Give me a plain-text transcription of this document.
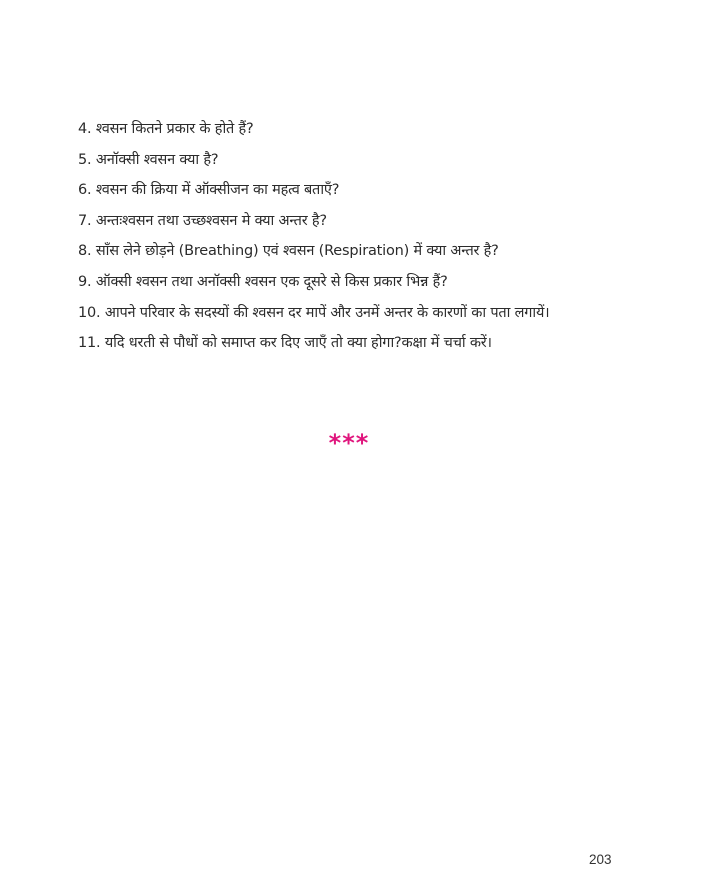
4. श्वसन कितने प्रकार के होते हैं?
5. अनॉक्सी श्वसन क्या है?
6. श्वसन की क्रिया में ऑक्सीजन का महत्व बताएँ?
7. अन्तःश्वसन तथा उच्छश्वसन मे क्या अन्तर है?
8. साँस लेने छोड़ने (Breathing) एवं श्वसन (Respiration) में क्या अन्तर है?
9. ऑक्सी श्वसन तथा अनॉक्सी श्वसन एक दूसरे से किस प्रकार भिन्न हैं?
10. आपने परिवार के सदस्यों की श्वसन दर मापें और उनमें अन्तर के कारणों का पता लगायें।
11. यदि धरती से पौधों को समाप्त कर दिए जाएँ तो क्या होगा?कक्षा में चर्चा करें।
***
203
